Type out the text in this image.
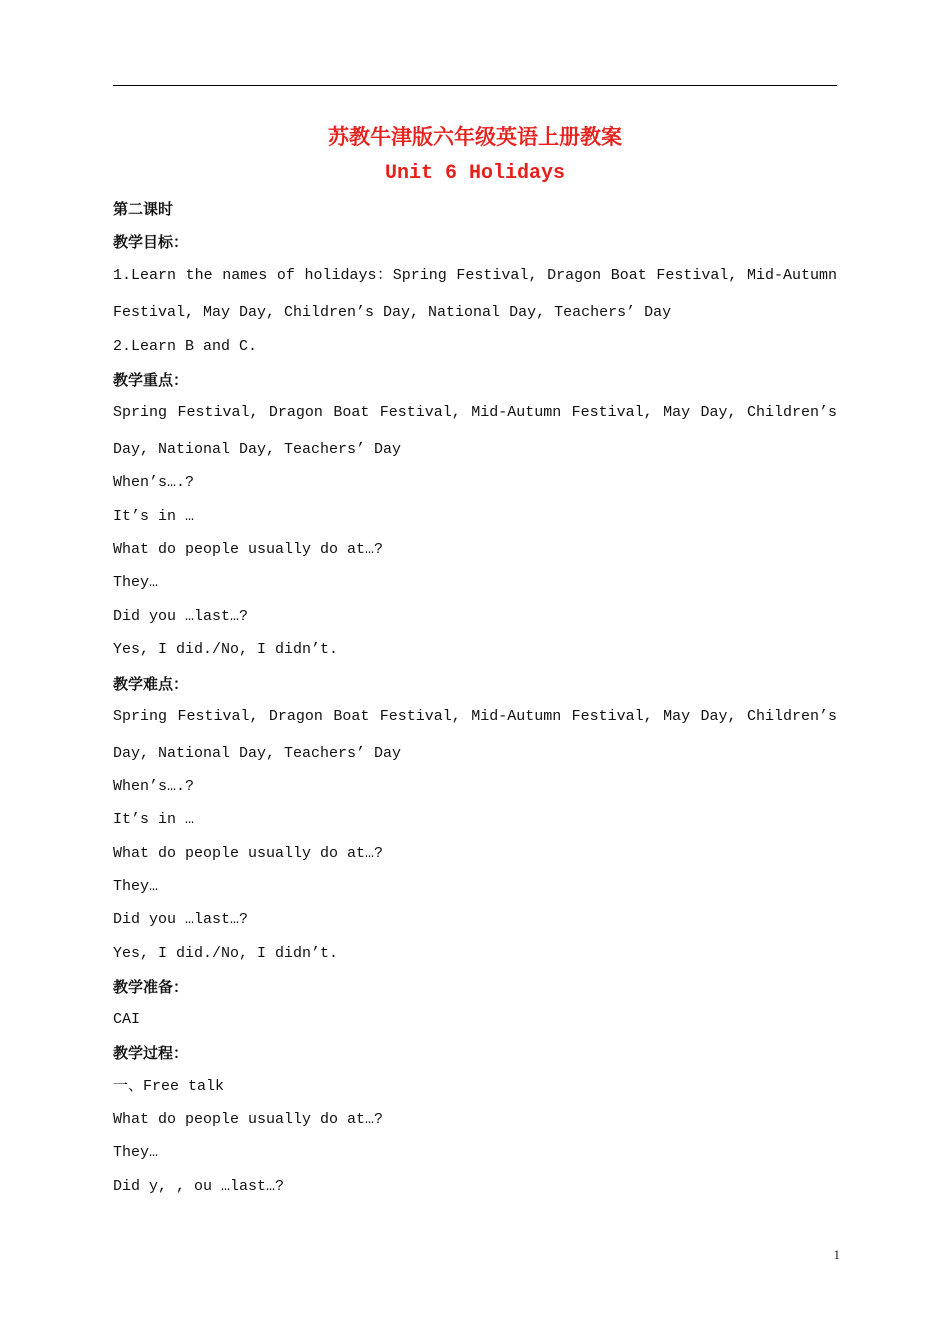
苏教牛津版六年级英语上册教案
Unit 6 Holidays
第二课时
教学目标：
1.Learn the names of holidays：Spring Festival, Dragon Boat Festival, Mid-Autumn
Festival, May Day, Children’s Day, National Day, Teachers’ Day
2.Learn B and C.
教学重点：
Spring Festival, Dragon Boat Festival, Mid-Autumn Festival, May Day, Children’s
Day, National Day, Teachers’ Day
When’s….?
It’s in …
What do people usually do at…?
They…
Did you …last…?
Yes, I did./No, I didn’t.
教学难点：
Spring Festival, Dragon Boat Festival, Mid-Autumn Festival, May Day, Children’s
Day, National Day, Teachers’ Day
When’s….?
It’s in …
What do people usually do at…?
They…
Did you …last…?
Yes, I did./No, I didn’t.
教学准备：
CAI
教学过程：
一、Free talk
What do people usually do at…?
They…
Did y, , ou …last…?
1
